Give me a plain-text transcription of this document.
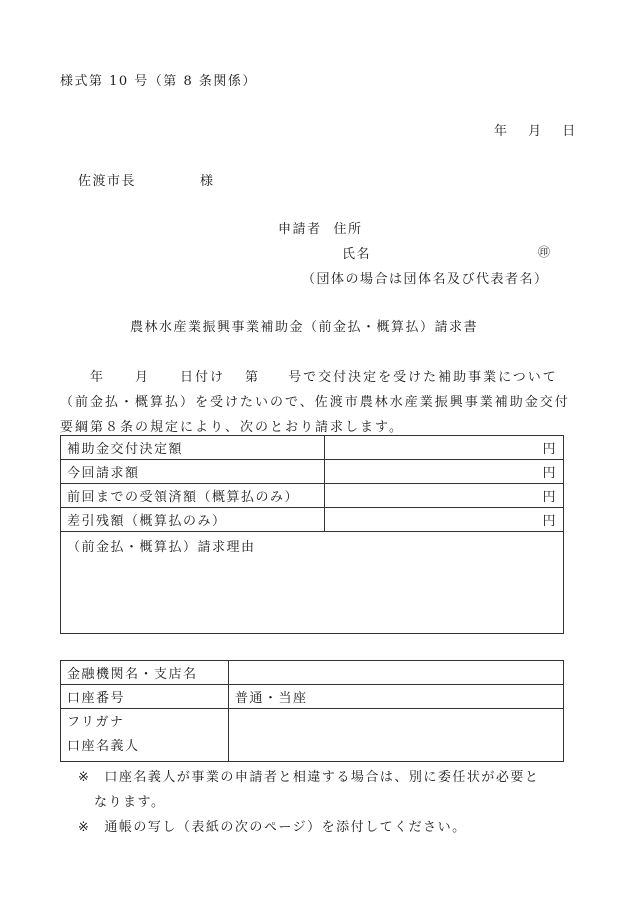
様式第 10 号（第 8 条関係）
年 月 日
佐渡市長	様
申請者 住所
氏名	㊞
（団体の場合は団体名及び代表者名）
農林水産業振興事業補助金（前金払・概算払）請求書
年 月 日付け 第 号で交付決定を受けた補助事業について（前金払・概算払）を受けたいので、佐渡市農林水産業振興事業補助金交付要綱第８条の規定により、次のとおり請求します。
補助金交付決定額	円
今回請求額	円
前回までの受領済額（概算払のみ）	円
差引残額（概算払のみ）	円
（前金払・概算払）請求理由	
金融機関名・支店名	
口座番号	普通・当座

フリガナ
口座名義人	

※ 口座名義人が事業の申請者と相違する場合は、別に委任状が必要と
なります。
※ 通帳の写し（表紙の次のページ）を添付してください。
